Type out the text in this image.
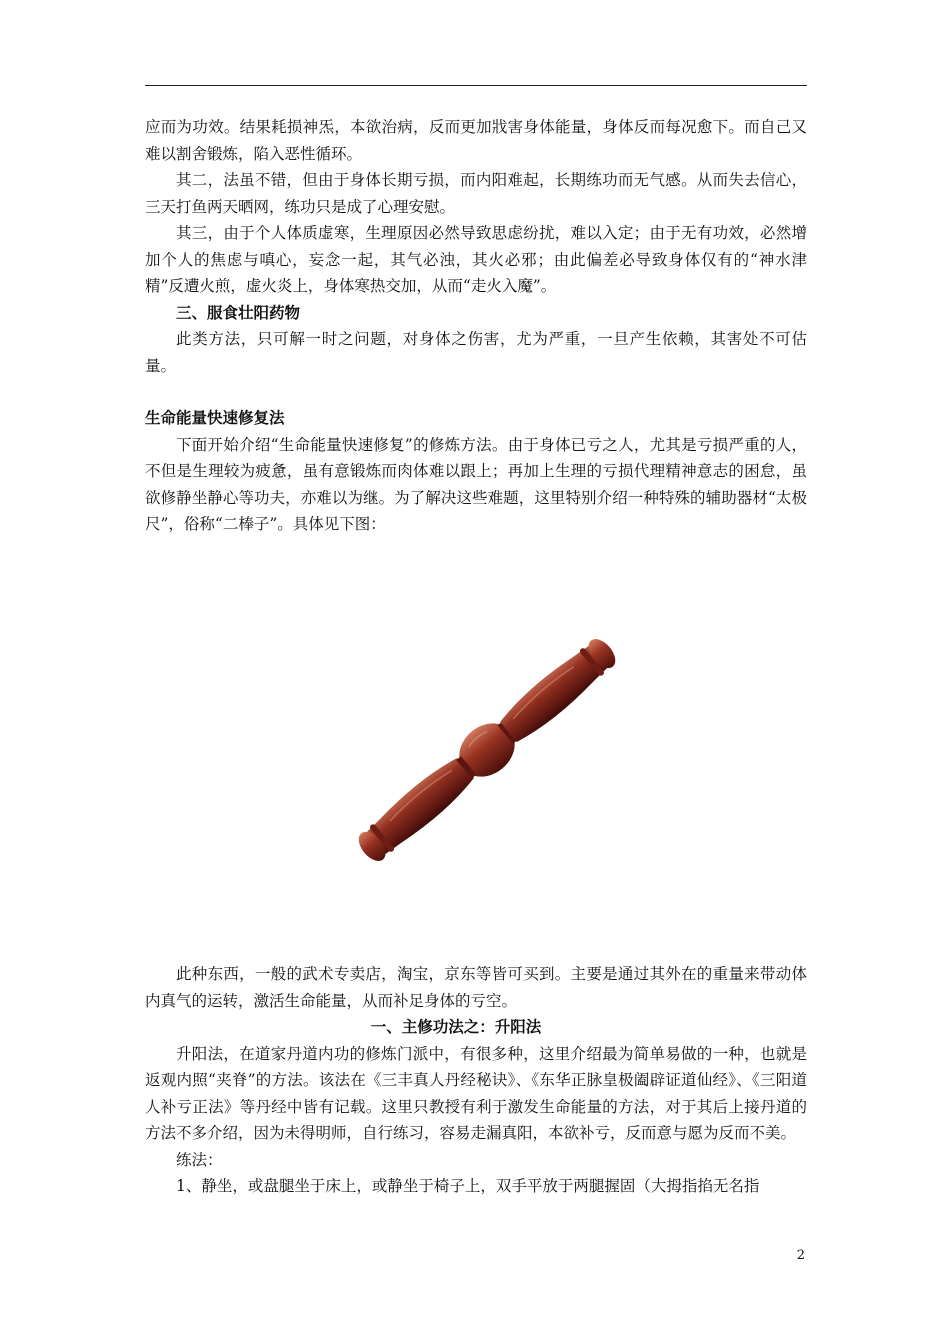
应而为功效。结果耗损神炁，本欲治病，反而更加戕害身体能量，身体反而每况愈下。而自己又难以割舍锻炼，陷入恶性循环。

其二，法虽不错，但由于身体长期亏损，而内阳难起，长期练功而无气感。从而失去信心，三天打鱼两天晒网，练功只是成了心理安慰。

其三，由于个人体质虚寒，生理原因必然导致思虑纷扰，难以入定；由于无有功效，必然增加个人的焦虑与嗔心，妄念一起，其气必浊，其火必邪；由此偏差必导致身体仅有的“神水津精”反遭火煎，虚火炎上，身体寒热交加，从而“走火入魔”。

三、服食壮阳药物

此类方法，只可解一时之问题，对身体之伤害，尤为严重，一旦产生依赖，其害处不可估量。

生命能量快速修复法

下面开始介绍“生命能量快速修复”的修炼方法。由于身体已亏之人，尤其是亏损严重的人，不但是生理较为疲惫，虽有意锻炼而肉体难以跟上；再加上生理的亏损代理精神意志的困怠，虽欲修静坐静心等功夫，亦难以为继。为了解决这些难题，这里特别介绍一种特殊的辅助器材“太极尺”，俗称“二棒子”。具体见下图：

此种东西，一般的武术专卖店，淘宝，京东等皆可买到。主要是通过其外在的重量来带动体内真气的运转，激活生命能量，从而补足身体的亏空。

一、主修功法之：升阳法

升阳法，在道家丹道内功的修炼门派中，有很多种，这里介绍最为简单易做的一种，也就是返观内照“夹脊”的方法。该法在《三丰真人丹经秘诀》、《东华正脉皇极阖辟证道仙经》、《三阳道人补亏正法》等丹经中皆有记载。这里只教授有利于激发生命能量的方法，对于其后上接丹道的方法不多介绍，因为未得明师，自行练习，容易走漏真阳，本欲补亏，反而意与愿为反而不美。

练法：

1、静坐，或盘腿坐于床上，或静坐于椅子上，双手平放于两腿握固（大拇指掐无名指

2
